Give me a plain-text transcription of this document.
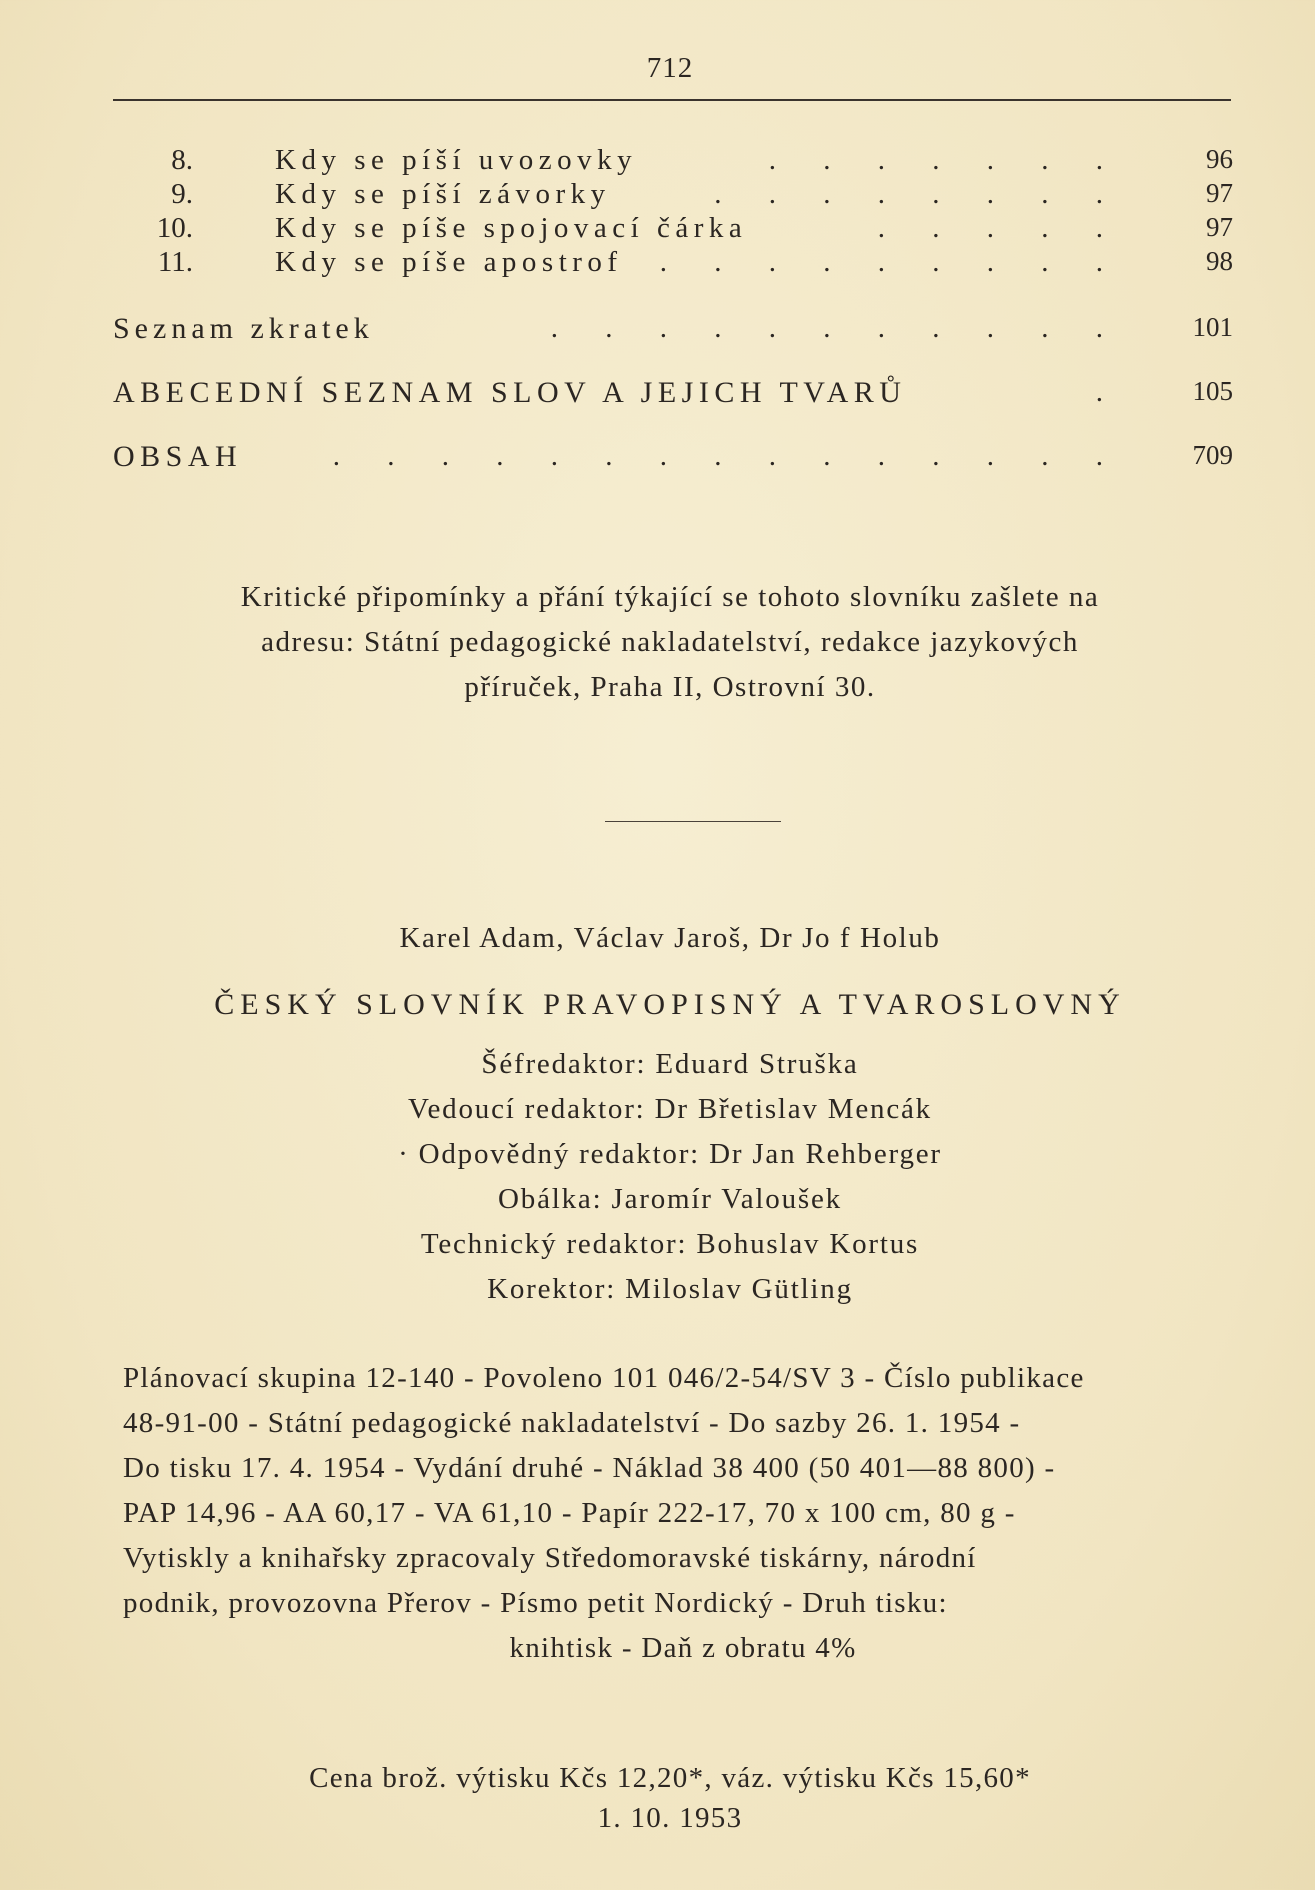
712
8.	Kdy se píší uvozovky	. . . . . . .	96
9.	Kdy se píší závorky	. . . . . . . .	97
10.	Kdy se píše spojovací čárka	. . . . .	97
11.	Kdy se píše apostrof . . . . . . . . .	98
Seznam zkratek	. . . . . . . . . . .	101
ABECEDNÍ SEZNAM SLOV A JEJICH TVARŮ	.	105
OBSAH	. . . . . . . . . . . . . . .	709
Kritické připomínky a přání týkající se tohoto slovníku zašlete na
adresu: Státní pedagogické nakladatelství, redakce jazykových
příruček, Praha II, Ostrovní 30.
Karel Adam, Václav Jaroš, Dr Jo f Holub
ČESKÝ SLOVNÍK PRAVOPISNÝ A TVAROSLOVNÝ
Šéfredaktor: Eduard Struška
Vedoucí redaktor: Dr Břetislav Mencák
· Odpovědný redaktor: Dr Jan Rehberger
Obálka: Jaromír Valoušek
Technický redaktor: Bohuslav Kortus
Korektor: Miloslav Gütling
Plánovací skupina 12-140 - Povoleno 101 046/2-54/SV 3 - Číslo publikace
48-91-00 - Státní pedagogické nakladatelství - Do sazby 26. 1. 1954 -
Do tisku 17. 4. 1954 - Vydání druhé - Náklad 38 400 (50 401—88 800) -
PAP 14,96 - AA 60,17 - VA 61,10 - Papír 222-17, 70 x 100 cm, 80 g -
Vytiskly a knihařsky zpracovaly Středomoravské tiskárny, národní
podnik, provozovna Přerov - Písmo petit Nordický - Druh tisku:
knihtisk - Daň z obratu 4%
Cena brož. výtisku Kčs 12,20*, váz. výtisku Kčs 15,60*
1. 10. 1953
